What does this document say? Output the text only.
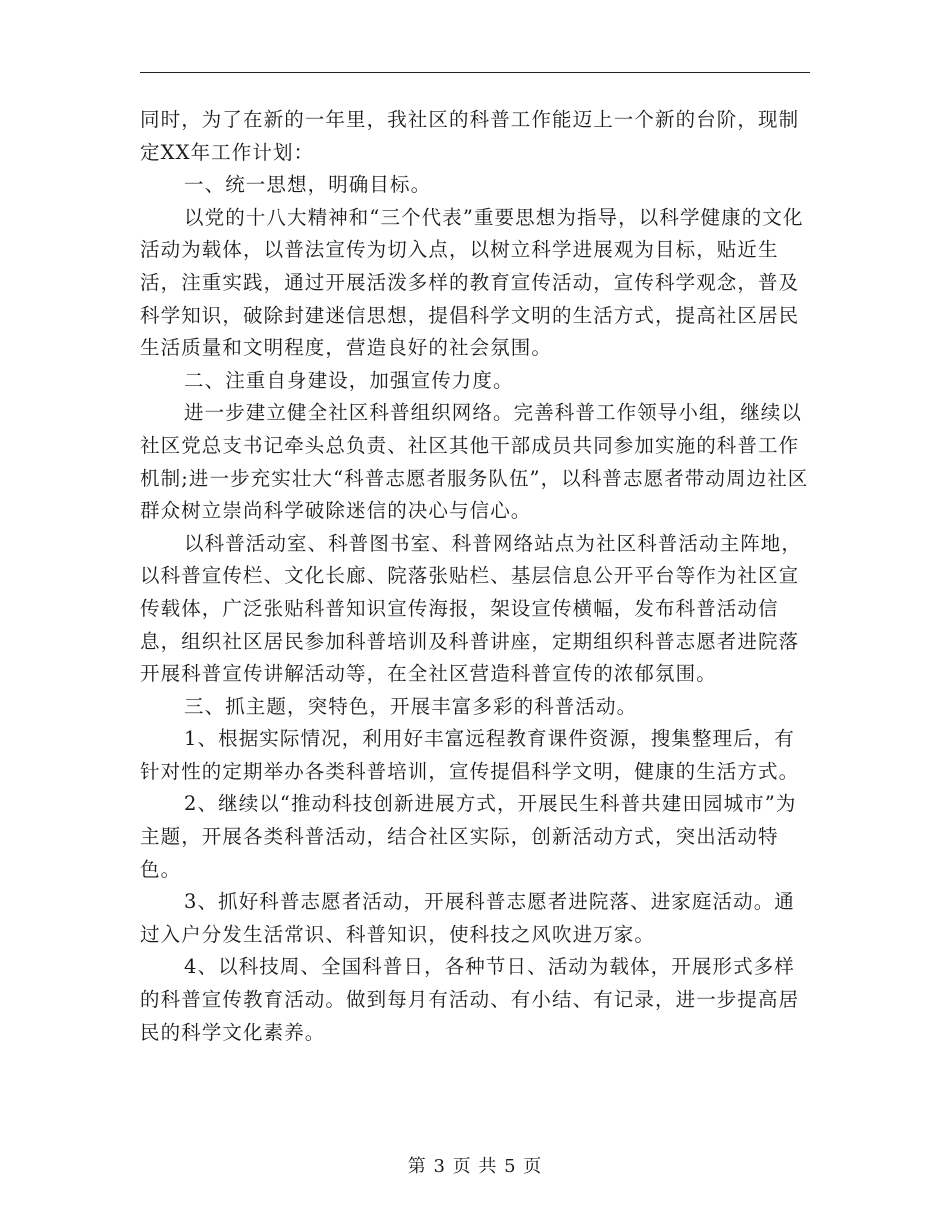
同时，为了在新的一年里，我社区的科普工作能迈上一个新的台阶，现制定XX年工作计划：

一、统一思想，明确目标。

以党的十八大精神和“三个代表”重要思想为指导，以科学健康的文化活动为载体，以普法宣传为切入点，以树立科学进展观为目标，贴近生活，注重实践，通过开展活泼多样的教育宣传活动，宣传科学观念，普及科学知识，破除封建迷信思想，提倡科学文明的生活方式，提高社区居民生活质量和文明程度，营造良好的社会氛围。

二、注重自身建设，加强宣传力度。

进一步建立健全社区科普组织网络。完善科普工作领导小组，继续以社区党总支书记牵头总负责、社区其他干部成员共同参加实施的科普工作机制;进一步充实壮大“科普志愿者服务队伍”，以科普志愿者带动周边社区群众树立崇尚科学破除迷信的决心与信心。

以科普活动室、科普图书室、科普网络站点为社区科普活动主阵地，以科普宣传栏、文化长廊、院落张贴栏、基层信息公开平台等作为社区宣传载体，广泛张贴科普知识宣传海报，架设宣传横幅，发布科普活动信息，组织社区居民参加科普培训及科普讲座，定期组织科普志愿者进院落开展科普宣传讲解活动等，在全社区营造科普宣传的浓郁氛围。

三、抓主题，突特色，开展丰富多彩的科普活动。

1、根据实际情况，利用好丰富远程教育课件资源，搜集整理后，有针对性的定期举办各类科普培训，宣传提倡科学文明，健康的生活方式。

2、继续以“推动科技创新进展方式，开展民生科普共建田园城市”为主题，开展各类科普活动，结合社区实际，创新活动方式，突出活动特色。

3、抓好科普志愿者活动，开展科普志愿者进院落、进家庭活动。通过入户分发生活常识、科普知识，使科技之风吹进万家。

4、以科技周、全国科普日，各种节日、活动为载体，开展形式多样的科普宣传教育活动。做到每月有活动、有小结、有记录，进一步提高居民的科学文化素养。

第 3 页 共 5 页
